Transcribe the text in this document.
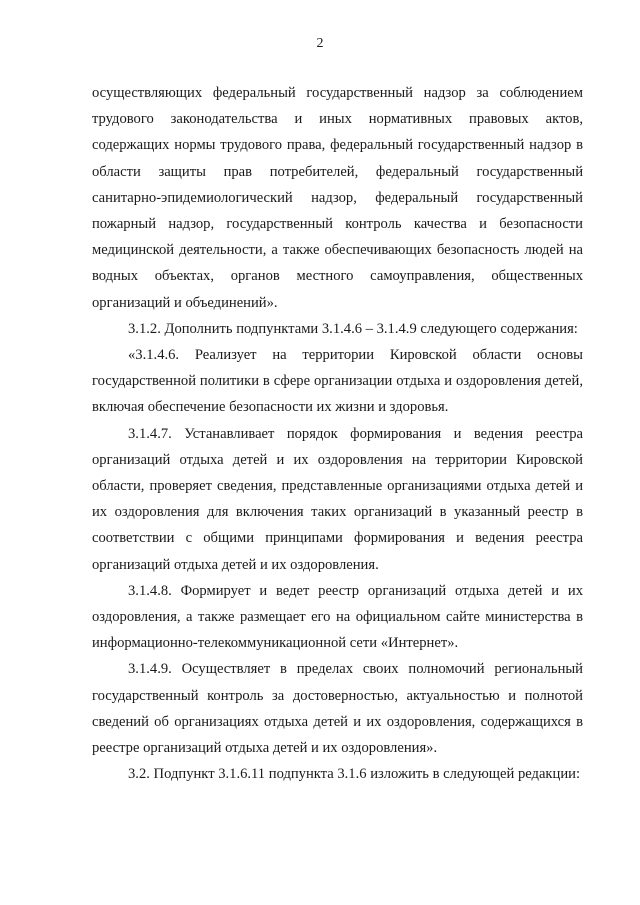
2

осуществляющих федеральный государственный надзор за соблюдением трудового законодательства и иных нормативных правовых актов, содержащих нормы трудового права, федеральный государственный надзор в области защиты прав потребителей, федеральный государственный санитарно-эпидемиологический надзор, федеральный государственный пожарный надзор, государственный контроль качества и безопасности медицинской деятельности, а также обеспечивающих безопасность людей на водных объектах, органов местного самоуправления, общественных организаций и объединений».

3.1.2. Дополнить подпунктами 3.1.4.6 – 3.1.4.9 следующего содержания:

«3.1.4.6. Реализует на территории Кировской области основы государственной политики в сфере организации отдыха и оздоровления детей, включая обеспечение безопасности их жизни и здоровья.

3.1.4.7. Устанавливает порядок формирования и ведения реестра организаций отдыха детей и их оздоровления на территории Кировской области, проверяет сведения, представленные организациями отдыха детей и их оздоровления для включения таких организаций в указанный реестр в соответствии с общими принципами формирования и ведения реестра организаций отдыха детей и их оздоровления.

3.1.4.8. Формирует и ведет реестр организаций отдыха детей и их оздоровления, а также размещает его на официальном сайте министерства в информационно-телекоммуникационной сети «Интернет».

3.1.4.9. Осуществляет в пределах своих полномочий региональный государственный контроль за достоверностью, актуальностью и полнотой сведений об организациях отдыха детей и их оздоровления, содержащихся в реестре организаций отдыха детей и их оздоровления».

3.2. Подпункт 3.1.6.11 подпункта 3.1.6 изложить в следующей редакции:
